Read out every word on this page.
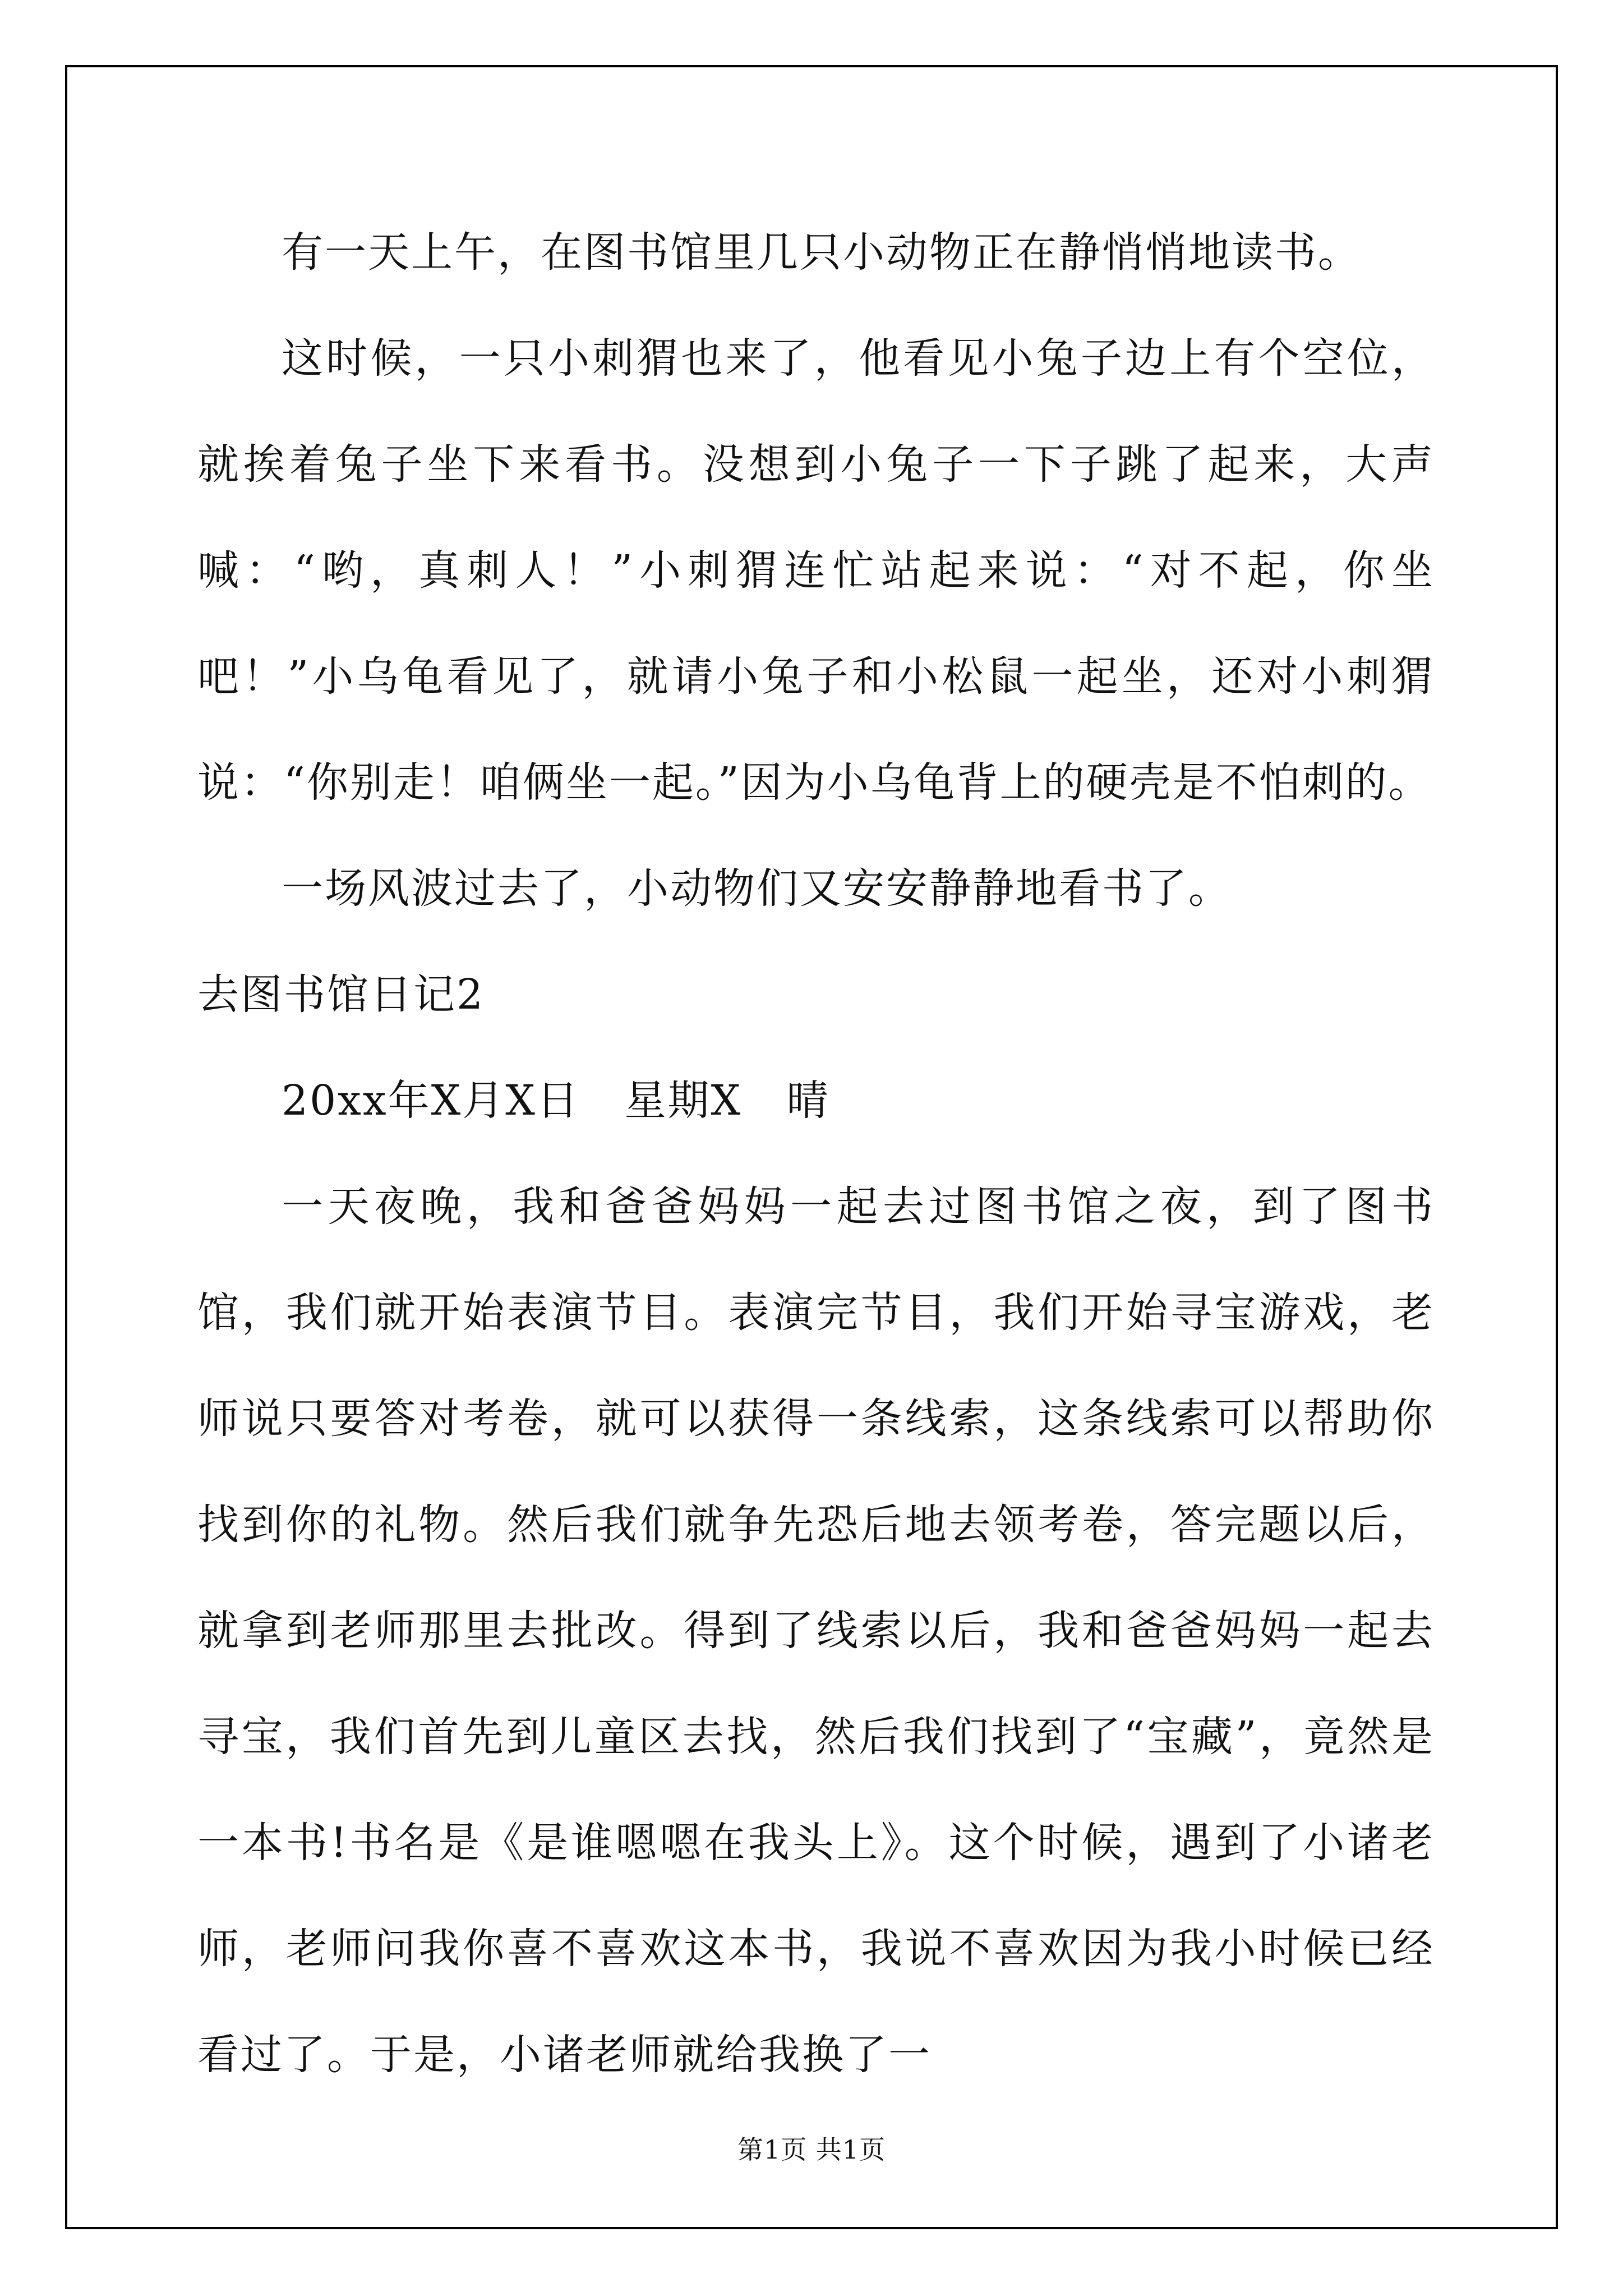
有一天上午，在图书馆里几只小动物正在静悄悄地读书。

这时候，一只小刺猬也来了，他看见小兔子边上有个空位，就挨着兔子坐下来看书。没想到小兔子一下子跳了起来，大声喊：“哟，真刺人！”小刺猬连忙站起来说：“对不起，你坐吧！”小乌龟看见了，就请小兔子和小松鼠一起坐，还对小刺猬说：“你别走！咱俩坐一起。”因为小乌龟背上的硬壳是不怕刺的。

一场风波过去了，小动物们又安安静静地看书了。

去图书馆日记2

20xx年X月X日   星期X   晴

一天夜晚，我和爸爸妈妈一起去过图书馆之夜，到了图书馆，我们就开始表演节目。表演完节目，我们开始寻宝游戏，老师说只要答对考卷，就可以获得一条线索，这条线索可以帮助你找到你的礼物。然后我们就争先恐后地去领考卷，答完题以后，就拿到老师那里去批改。得到了线索以后，我和爸爸妈妈一起去寻宝，我们首先到儿童区去找，然后我们找到了“宝藏”，竟然是一本书!书名是《是谁嗯嗯在我头上》。这个时候，遇到了小诸老师，老师问我你喜不喜欢这本书，我说不喜欢因为我小时候已经看过了。于是，小诸老师就给我换了一

第1页 共1页
